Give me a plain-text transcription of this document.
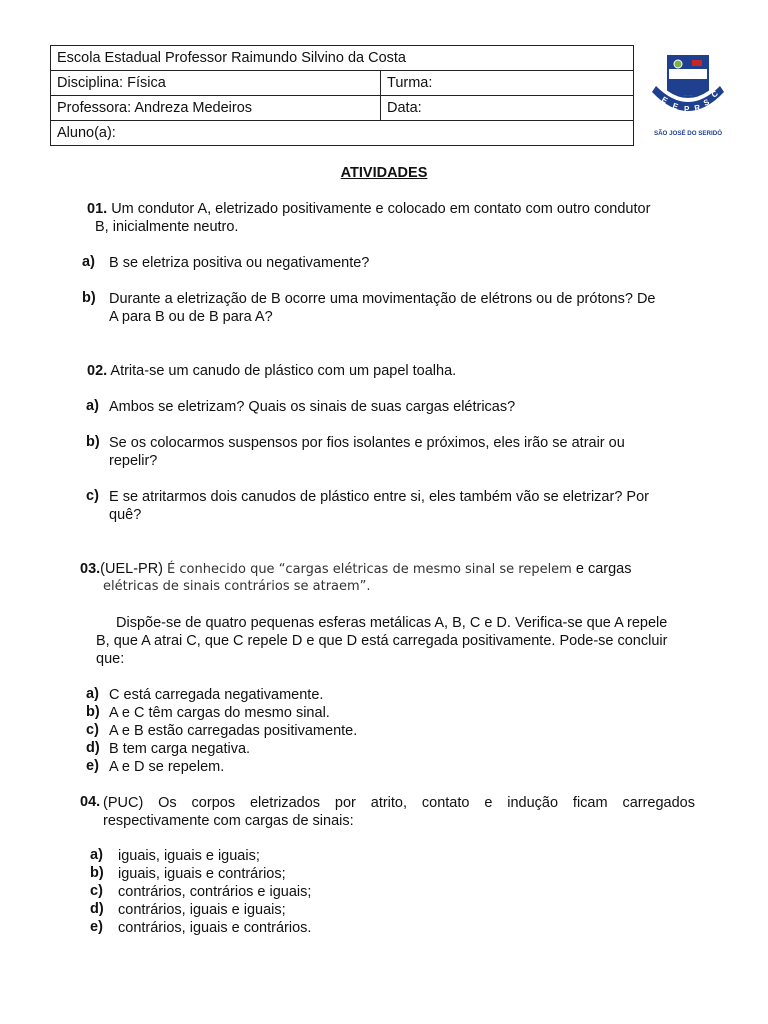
Escola Estadual Professor Raimundo Silvino da Costa	
Disciplina: Física	Turma:
Professora: Andreza Medeiros	Data:
Aluno(a):	
E
E P R
S
C
SÃO JOSÉ DO SERIDÓ
ATIVIDADES
01. Um condutor A, eletrizado positivamente e colocado em contato com outro condutor
B, inicialmente neutro.
a) B se eletriza positiva ou negativamente?
b) Durante a eletrização de B ocorre uma movimentação de elétrons ou de prótons? De
A para B ou de B para A?
02. Atrita-se um canudo de plástico com um papel toalha.
a) Ambos se eletrizam? Quais os sinais de suas cargas elétricas?
b) Se os colocarmos suspensos por fios isolantes e próximos, eles irão se atrair ou
repelir?
c) E se atritarmos dois canudos de plástico entre si, eles também vão se eletrizar? Por
quê?
03.(UEL-PR) É conhecido que “cargas elétricas de mesmo sinal se repelem e cargas
elétricas de sinais contrários se atraem”.
Dispõe-se de quatro pequenas esferas metálicas A, B, C e D. Verifica-se que A repele
B, que A atrai C, que C repele D e que D está carregada positivamente. Pode-se concluir
que:
a) C está carregada negativamente.
b) A e C têm cargas do mesmo sinal.
c) A e B estão carregadas positivamente.
d) B tem carga negativa.
e) A e D se repelem.
04. (PUC) Os corpos eletrizados por atrito, contato e indução ficam carregados
respectivamente com cargas de sinais:
a) iguais, iguais e iguais;
b) iguais, iguais e contrários;
c) contrários, contrários e iguais;
d) contrários, iguais e iguais;
e) contrários, iguais e contrários.
